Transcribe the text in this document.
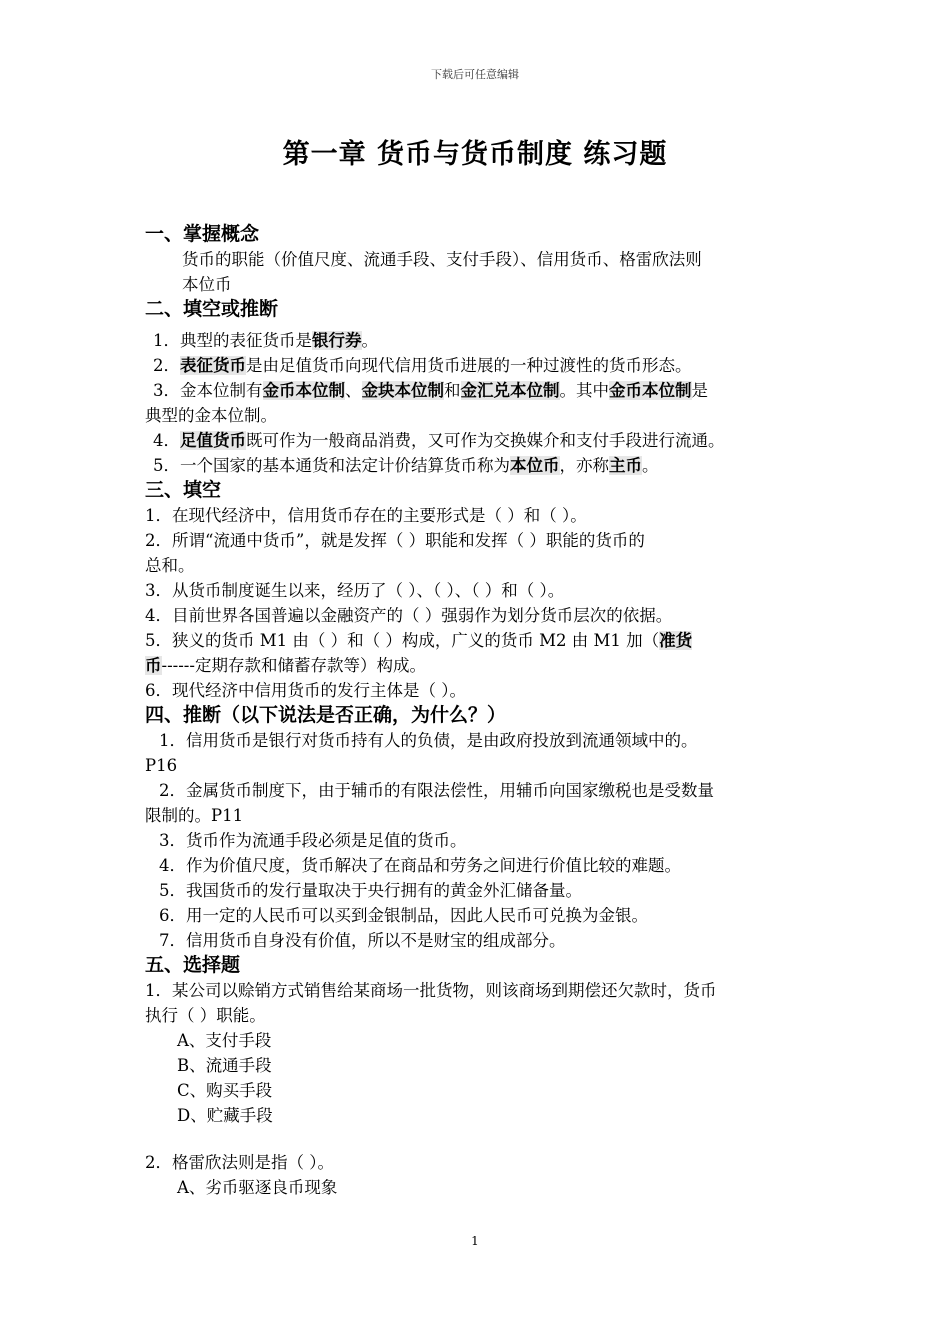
下载后可任意编辑
第一章 货币与货币制度 练习题
一、掌握概念
货币的职能（价值尺度、流通手段、支付手段）、信用货币、格雷欣法则
本位币
二、填空或推断
1．典型的表征货币是银行券。
2．表征货币是由足值货币向现代信用货币进展的一种过渡性的货币形态。
3．金本位制有金币本位制、金块本位制和金汇兑本位制。其中金币本位制是
典型的金本位制。
4．足值货币既可作为一般商品消费，又可作为交换媒介和支付手段进行流通。
5．一个国家的基本通货和法定计价结算货币称为本位币，亦称主币。
三、填空
1．在现代经济中，信用货币存在的主要形式是（ ）和（ ）。
2．所谓“流通中货币”，就是发挥（ ）职能和发挥（ ）职能的货币的
总和。
3．从货币制度诞生以来，经历了（ ）、（ ）、（ ）和（ ）。
4．目前世界各国普遍以金融资产的（ ）强弱作为划分货币层次的依据。
5．狭义的货币 M1 由（ ）和（ ）构成，广义的货币 M2 由 M1 加（准货
币------定期存款和储蓄存款等）构成。
6．现代经济中信用货币的发行主体是（ ）。
四、推断（以下说法是否正确，为什么？）
1．信用货币是银行对货币持有人的负债，是由政府投放到流通领域中的。
P16
2．金属货币制度下，由于辅币的有限法偿性，用辅币向国家缴税也是受数量
限制的。P11
3．货币作为流通手段必须是足值的货币。
4．作为价值尺度，货币解决了在商品和劳务之间进行价值比较的难题。
5．我国货币的发行量取决于央行拥有的黄金外汇储备量。
6．用一定的人民币可以买到金银制品，因此人民币可兑换为金银。
7．信用货币自身没有价值，所以不是财宝的组成部分。
五、选择题
1．某公司以赊销方式销售给某商场一批货物，则该商场到期偿还欠款时，货币
执行（ ）职能。
A、支付手段
B、流通手段
C、购买手段
D、贮藏手段
2．格雷欣法则是指（ ）。
A、劣币驱逐良币现象
1
